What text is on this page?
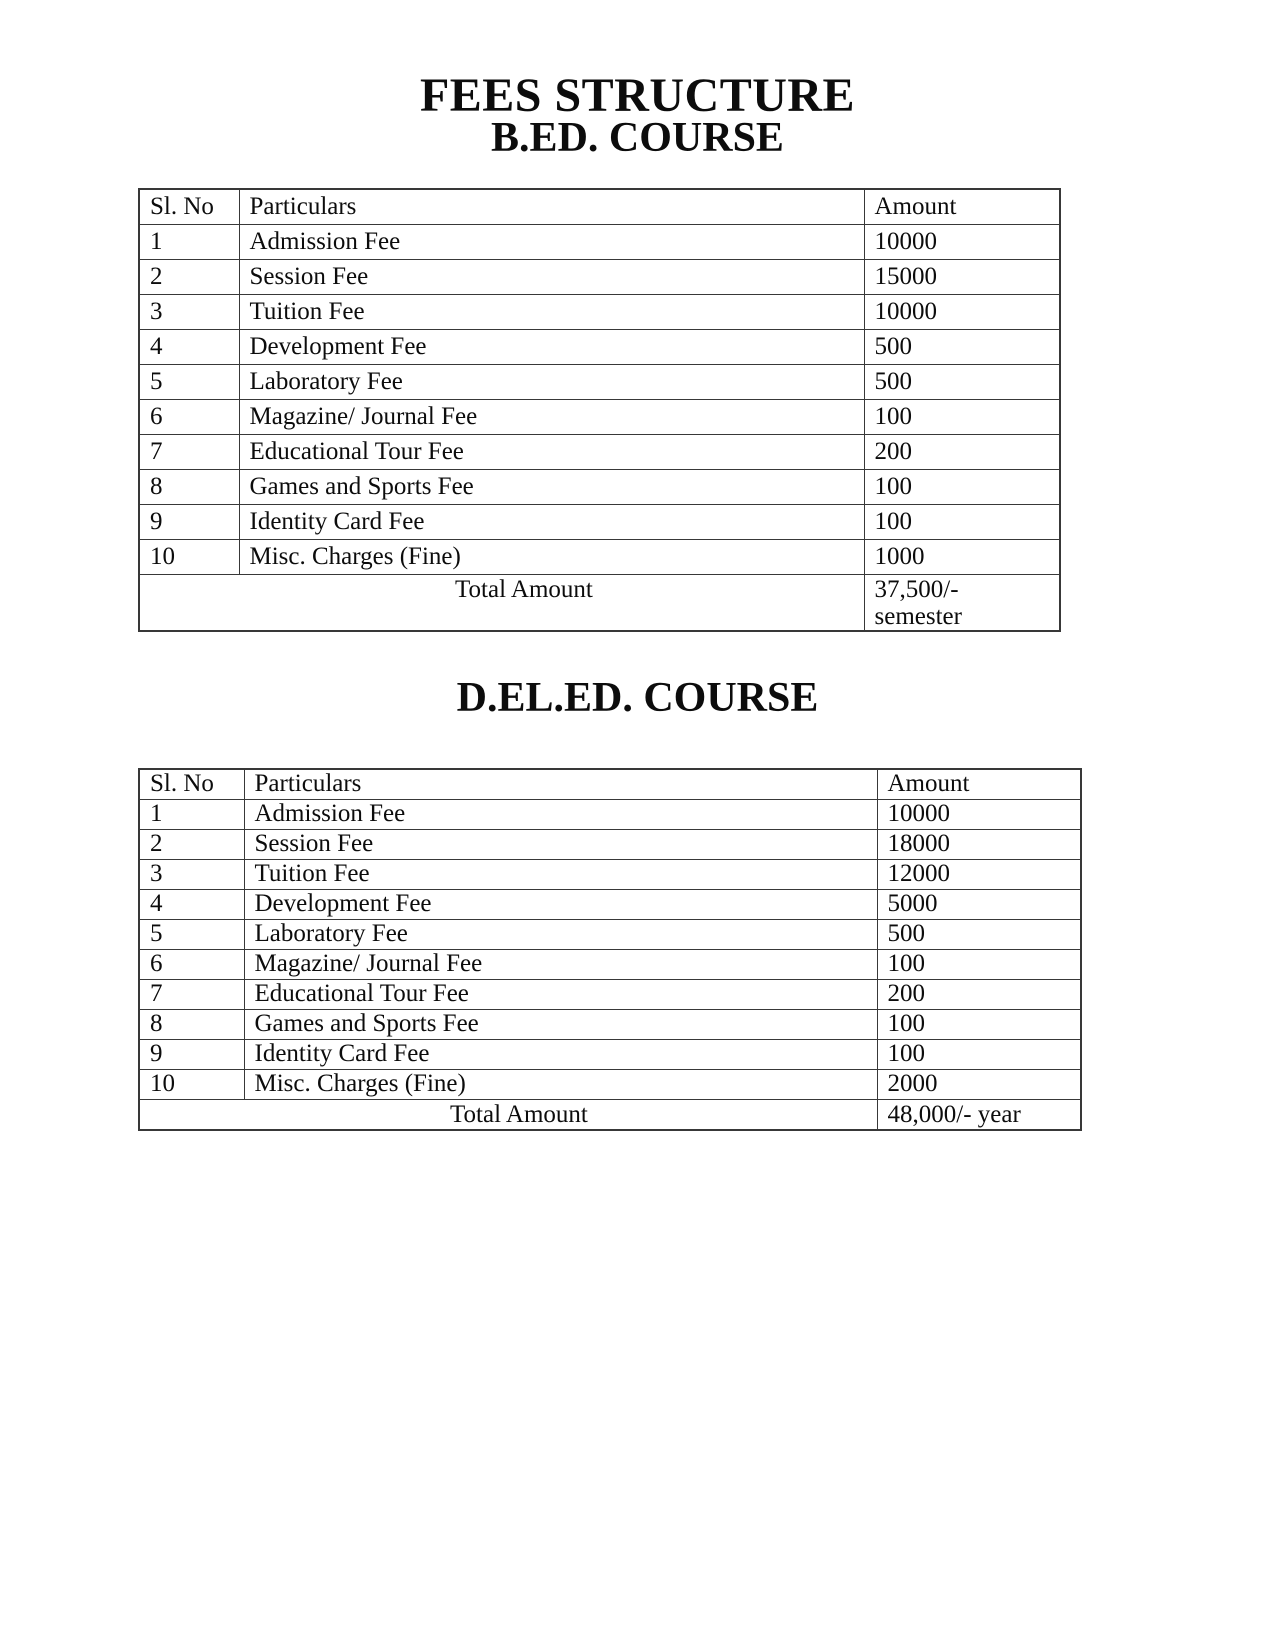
FEES STRUCTURE
B.ED. COURSE
Sl. No	Particulars	Amount
1	Admission Fee	10000
2	Session Fee	15000
3	Tuition Fee	10000
4	Development Fee	500
5	Laboratory Fee	500
6	Magazine/ Journal Fee	100
7	Educational Tour Fee	200
8	Games and Sports Fee	100
9	Identity Card Fee	100
10	Misc. Charges (Fine)	1000
Total Amount		37,500/-
semester
D.EL.ED. COURSE
Sl. No	Particulars	Amount
1	Admission Fee	10000
2	Session Fee	18000
3	Tuition Fee	12000
4	Development Fee	5000
5	Laboratory Fee	500
6	Magazine/ Journal Fee	100
7	Educational Tour Fee	200
8	Games and Sports Fee	100
9	Identity Card Fee	100
10	Misc. Charges (Fine)	2000
Total Amount		48,000/- year
